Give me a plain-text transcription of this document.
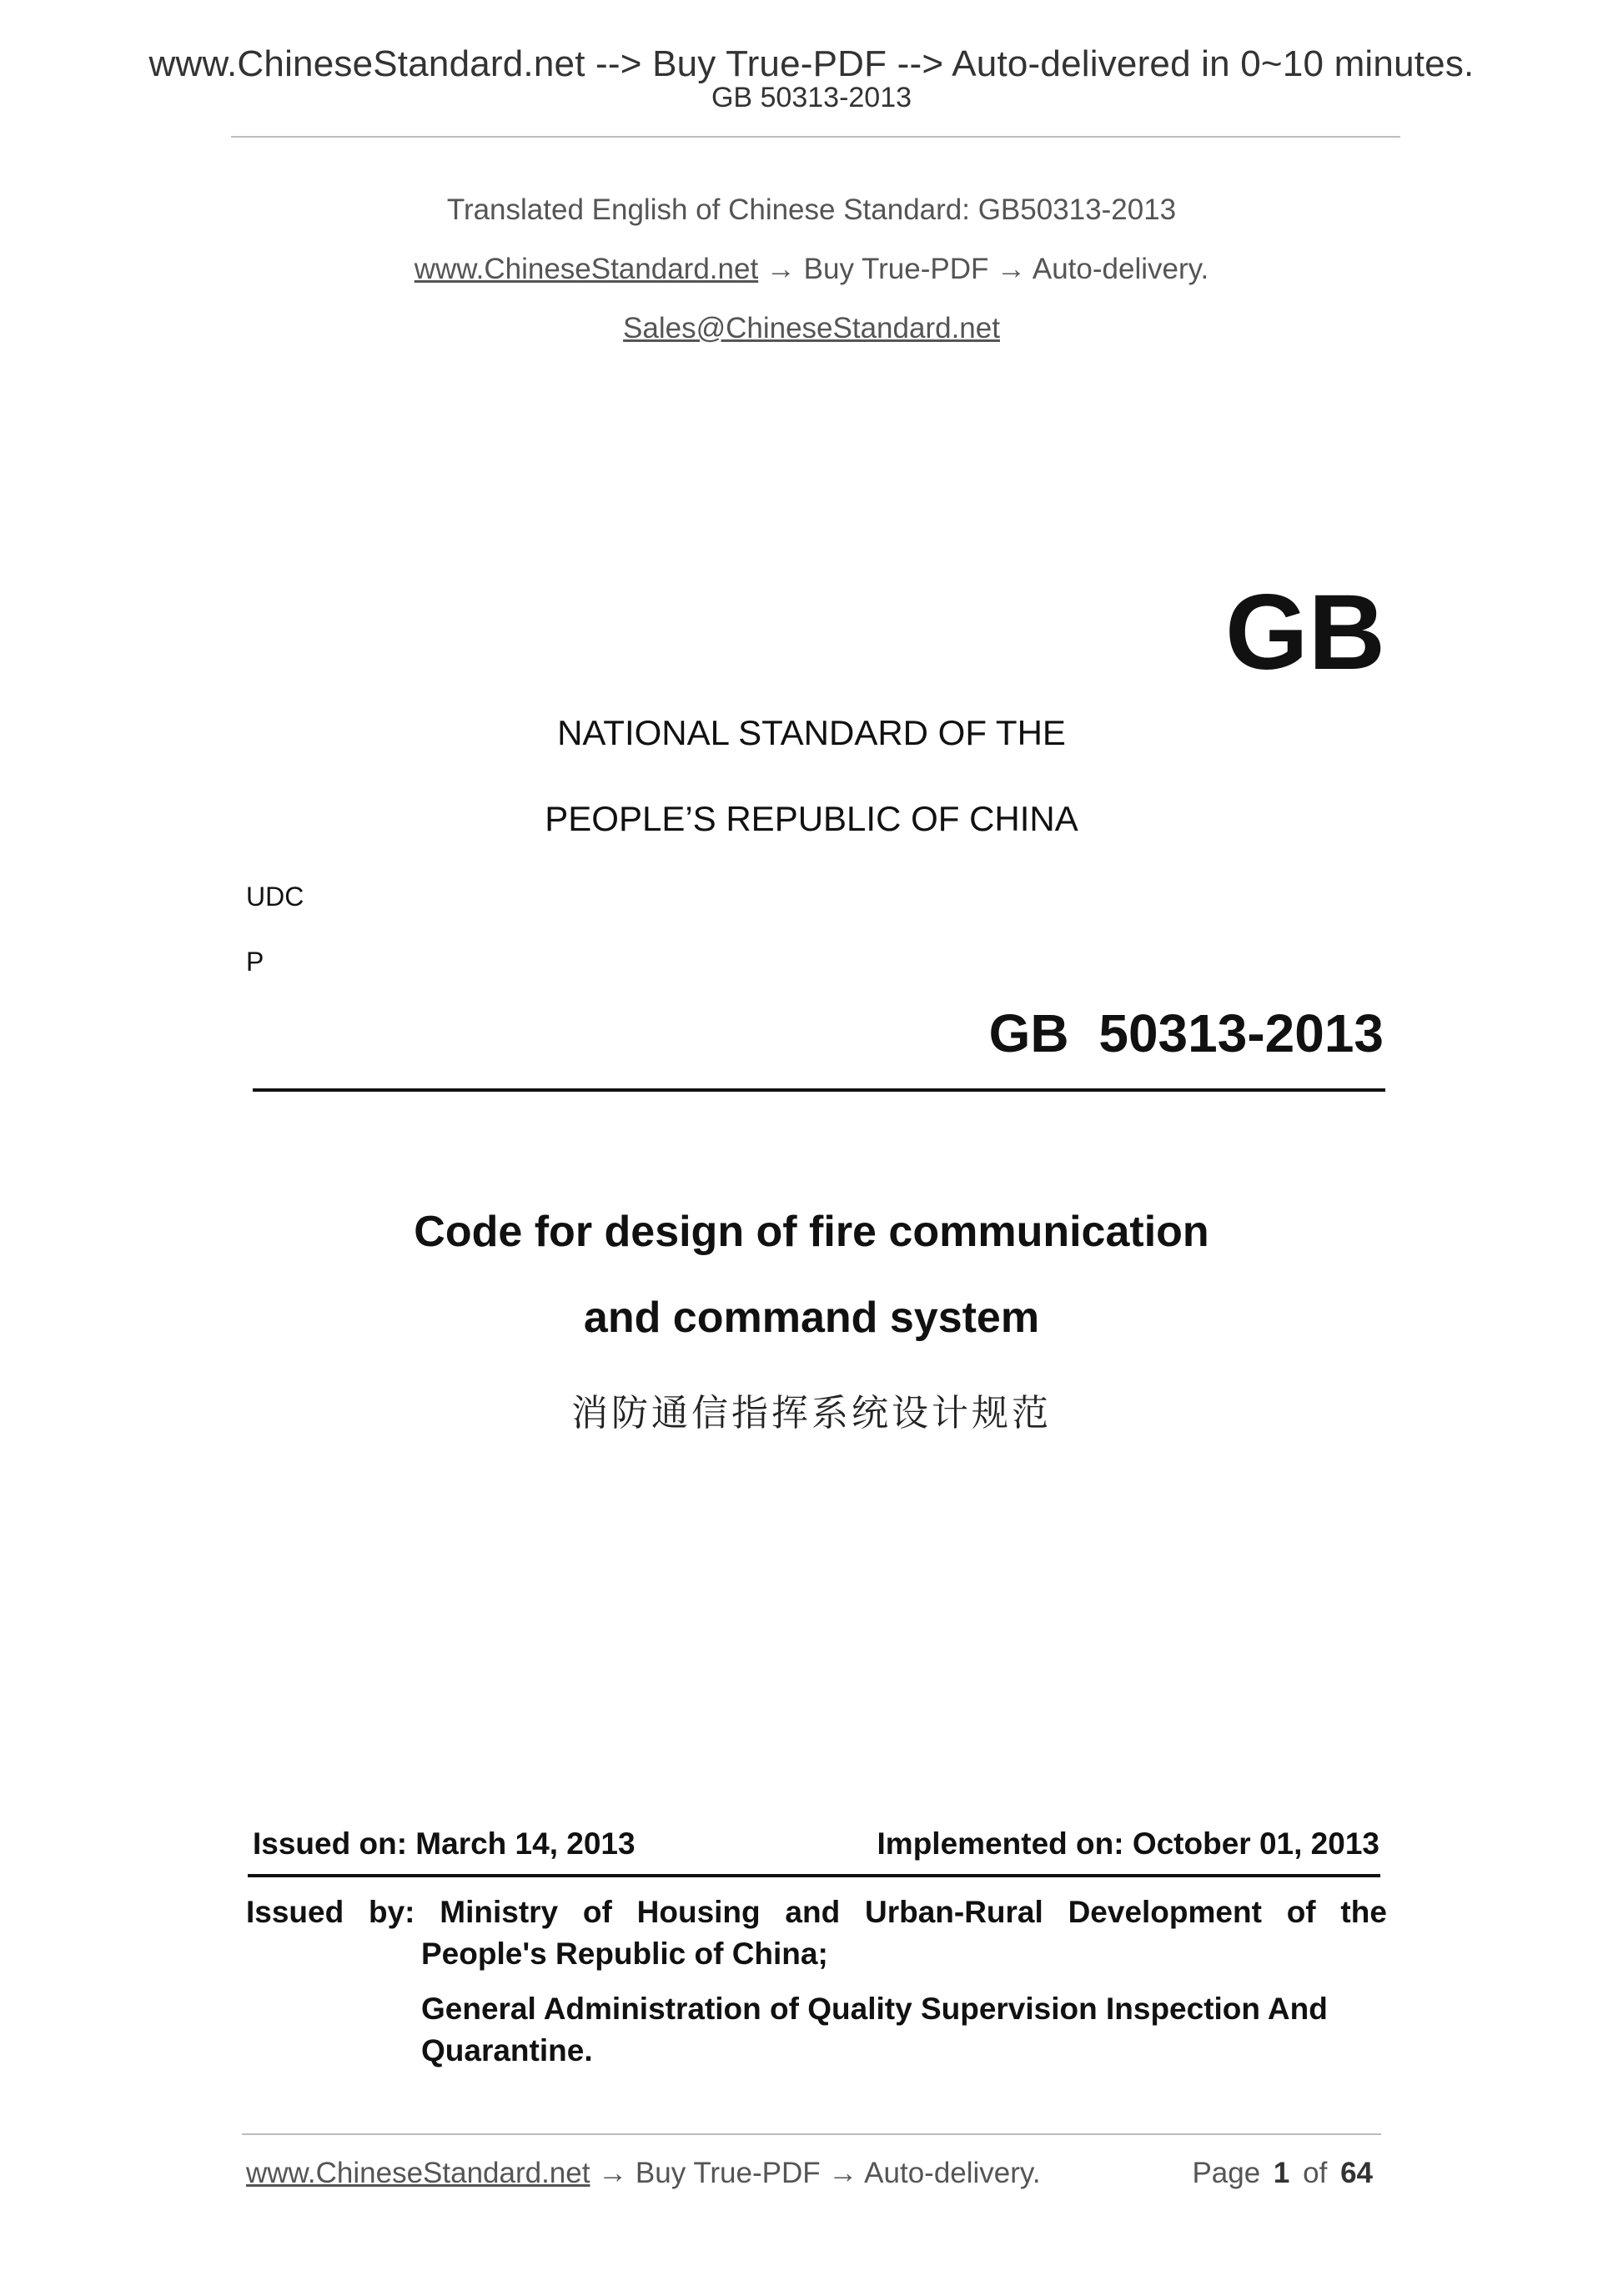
www.ChineseStandard.net --> Buy True-PDF --> Auto-delivered in 0~10 minutes.
GB 50313-2013
Translated English of Chinese Standard: GB50313-2013
www.ChineseStandard.net → Buy True-PDF → Auto-delivery.
Sales@ChineseStandard.net
GB
NATIONAL STANDARD OF THE
PEOPLE’S REPUBLIC OF CHINA
UDC
P
GB 50313-2013
Code for design of fire communication
and command system
消防通信指挥系统设计规范
Issued on: March 14, 2013	Implemented on: October 01, 2013
Issued by: Ministry of Housing and Urban-Rural Development of the
People's Republic of China;
General Administration of Quality Supervision Inspection And
Quarantine.
www.ChineseStandard.net → Buy True-PDF → Auto-delivery.	Page 1 of 64
